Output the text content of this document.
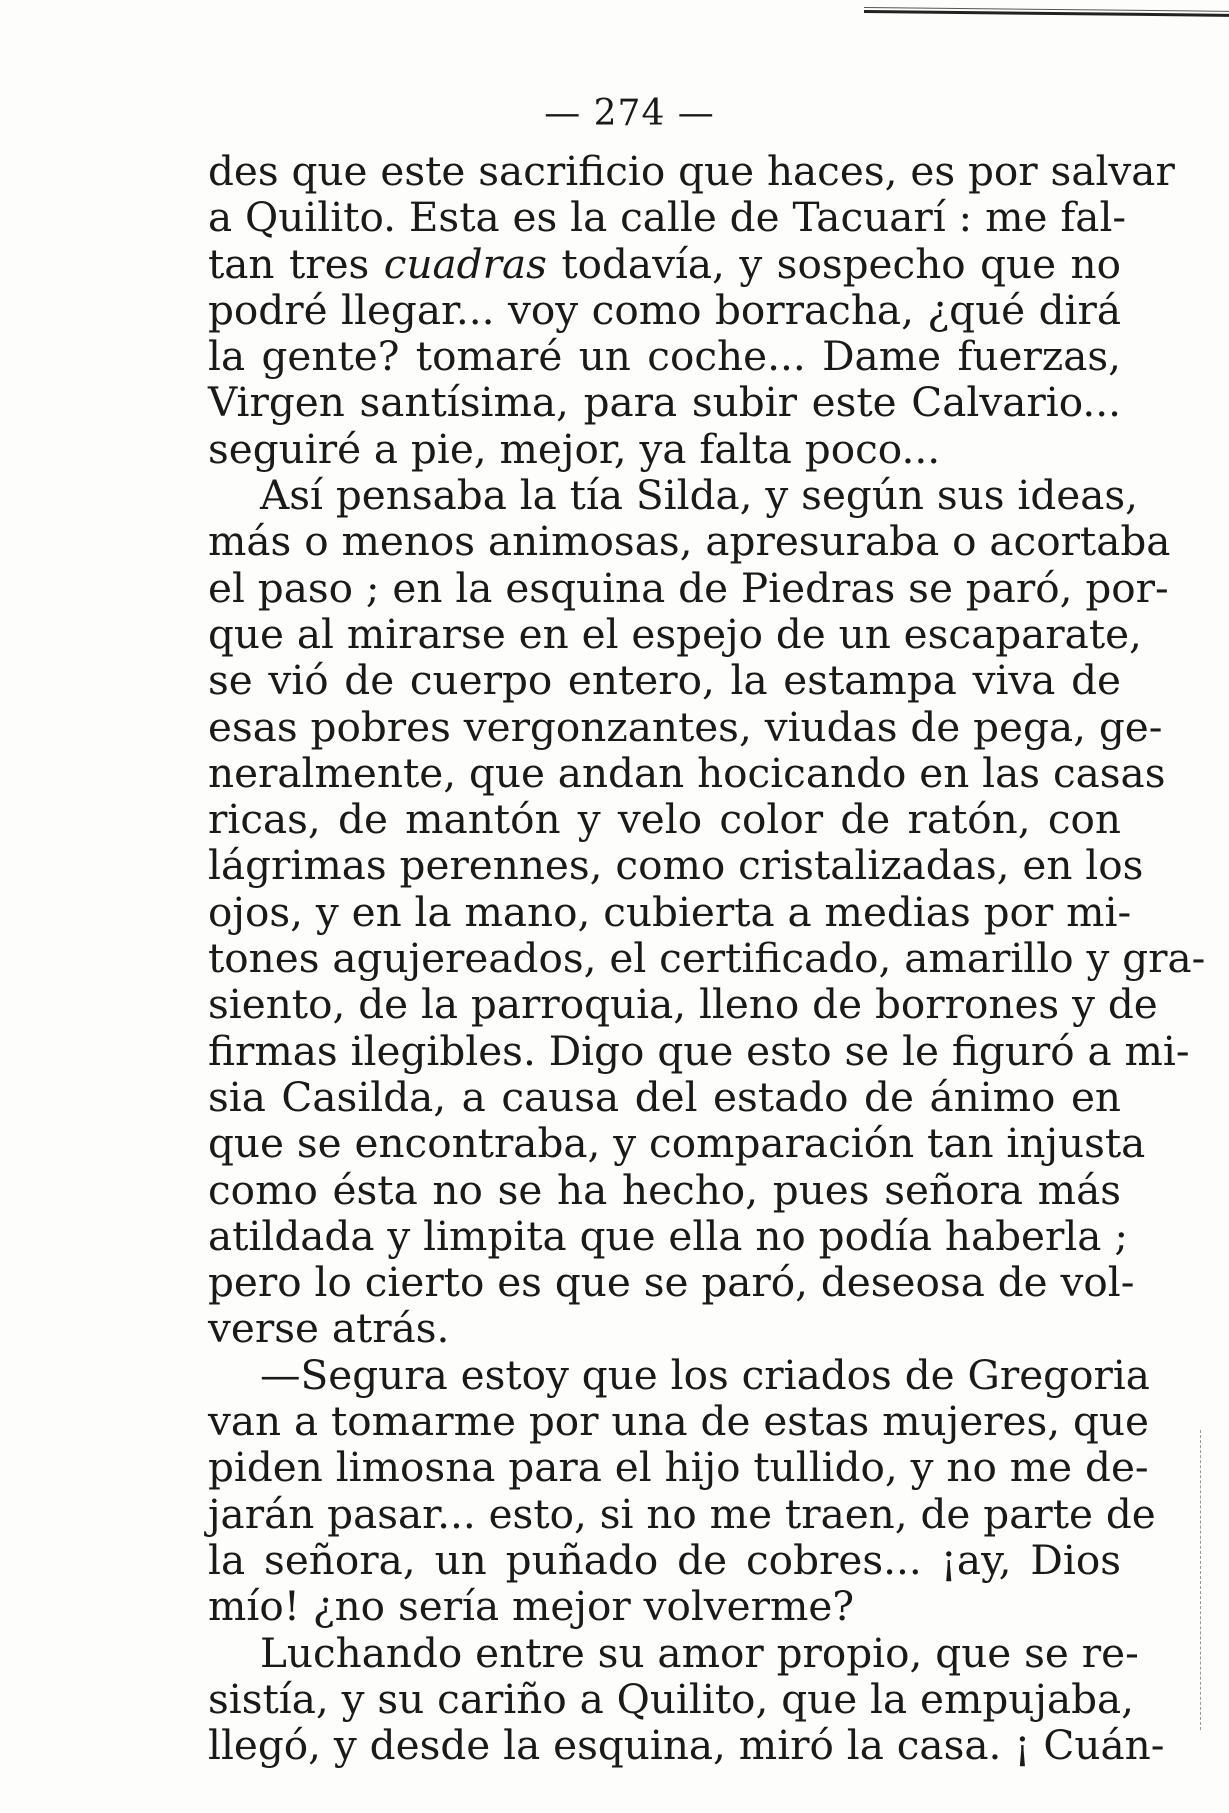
— 274 —
des que este sacrificio que haces, es por salvar
a Quilito. Esta es la calle de Tacuarí : me fal-
tan tres cuadras todavía, y sospecho que no
podré llegar... voy como borracha, ¿qué dirá
la gente? tomaré un coche... Dame fuerzas,
Virgen santísima, para subir este Calvario...
seguiré a pie, mejor, ya falta poco...
Así pensaba la tía Silda, y según sus ideas,
más o menos animosas, apresuraba o acortaba
el paso ; en la esquina de Piedras se paró, por-
que al mirarse en el espejo de un escaparate,
se vió de cuerpo entero, la estampa viva de
esas pobres vergonzantes, viudas de pega, ge-
neralmente, que andan hocicando en las casas
ricas, de mantón y velo color de ratón, con
lágrimas perennes, como cristalizadas, en los
ojos, y en la mano, cubierta a medias por mi-
tones agujereados, el certificado, amarillo y gra-
siento, de la parroquia, lleno de borrones y de
firmas ilegibles. Digo que esto se le figuró a mi-
sia Casilda, a causa del estado de ánimo en
que se encontraba, y comparación tan injusta
como ésta no se ha hecho, pues señora más
atildada y limpita que ella no podía haberla ;
pero lo cierto es que se paró, deseosa de vol-
verse atrás.
—Segura estoy que los criados de Gregoria
van a tomarme por una de estas mujeres, que
piden limosna para el hijo tullido, y no me de-
jarán pasar... esto, si no me traen, de parte de
la señora, un puñado de cobres... ¡ay, Dios
mío! ¿no sería mejor volverme?
Luchando entre su amor propio, que se re-
sistía, y su cariño a Quilito, que la empujaba,
llegó, y desde la esquina, miró la casa. ¡ Cuán-
